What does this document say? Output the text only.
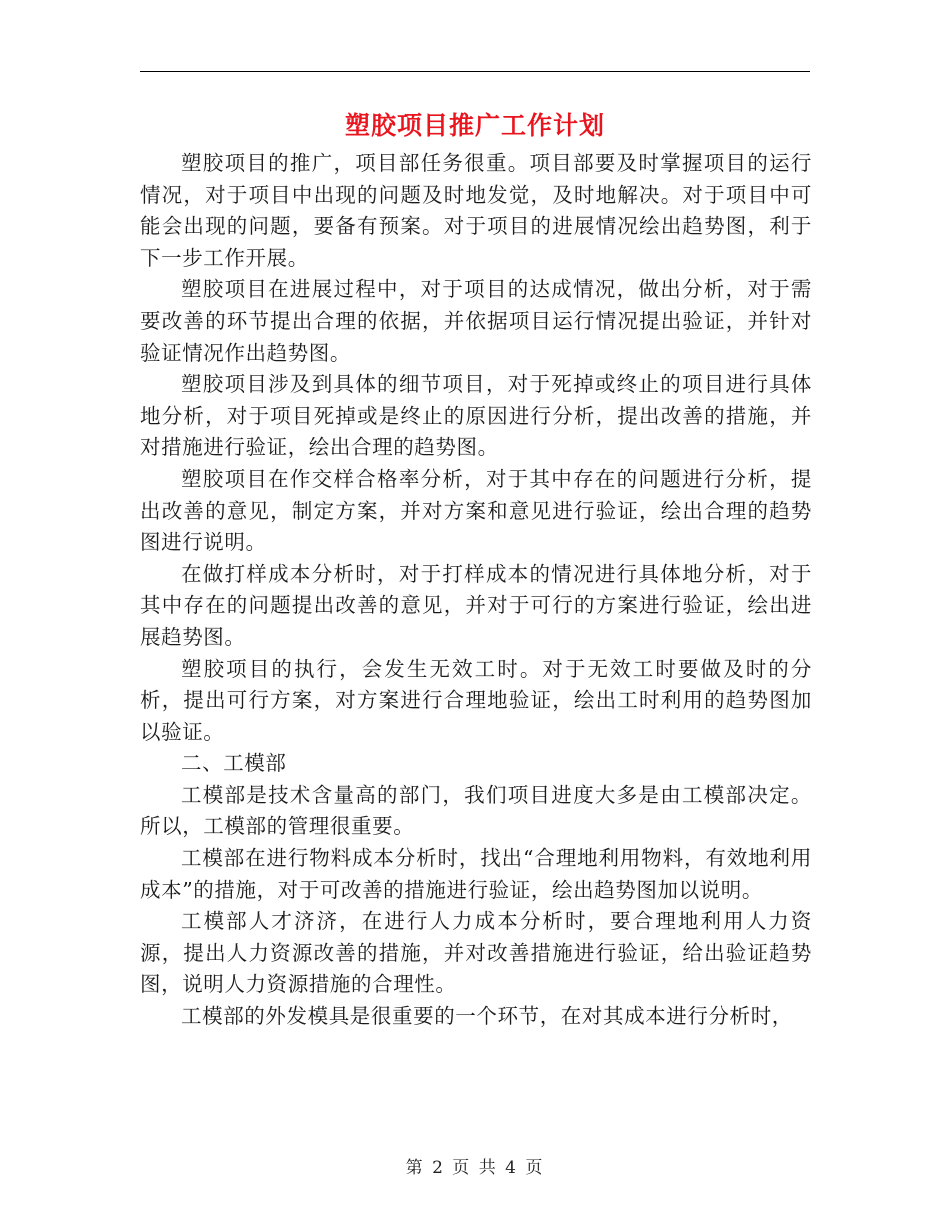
塑胶项目推广工作计划

塑胶项目的推广，项目部任务很重。项目部要及时掌握项目的运行情况，对于项目中出现的问题及时地发觉，及时地解决。对于项目中可能会出现的问题，要备有预案。对于项目的进展情况绘出趋势图，利于下一步工作开展。

塑胶项目在进展过程中，对于项目的达成情况，做出分析，对于需要改善的环节提出合理的依据，并依据项目运行情况提出验证，并针对验证情况作出趋势图。

塑胶项目涉及到具体的细节项目，对于死掉或终止的项目进行具体地分析，对于项目死掉或是终止的原因进行分析，提出改善的措施，并对措施进行验证，绘出合理的趋势图。

塑胶项目在作交样合格率分析，对于其中存在的问题进行分析，提出改善的意见，制定方案，并对方案和意见进行验证，绘出合理的趋势图进行说明。

在做打样成本分析时，对于打样成本的情况进行具体地分析，对于其中存在的问题提出改善的意见，并对于可行的方案进行验证，绘出进展趋势图。

塑胶项目的执行，会发生无效工时。对于无效工时要做及时的分析，提出可行方案，对方案进行合理地验证，绘出工时利用的趋势图加以验证。

二、工模部

工模部是技术含量高的部门，我们项目进度大多是由工模部决定。所以，工模部的管理很重要。

工模部在进行物料成本分析时，找出“合理地利用物料，有效地利用成本”的措施，对于可改善的措施进行验证，绘出趋势图加以说明。

工模部人才济济，在进行人力成本分析时，要合理地利用人力资源，提出人力资源改善的措施，并对改善措施进行验证，给出验证趋势图，说明人力资源措施的合理性。

工模部的外发模具是很重要的一个环节，在对其成本进行分析时，

第 2 页 共 4 页
